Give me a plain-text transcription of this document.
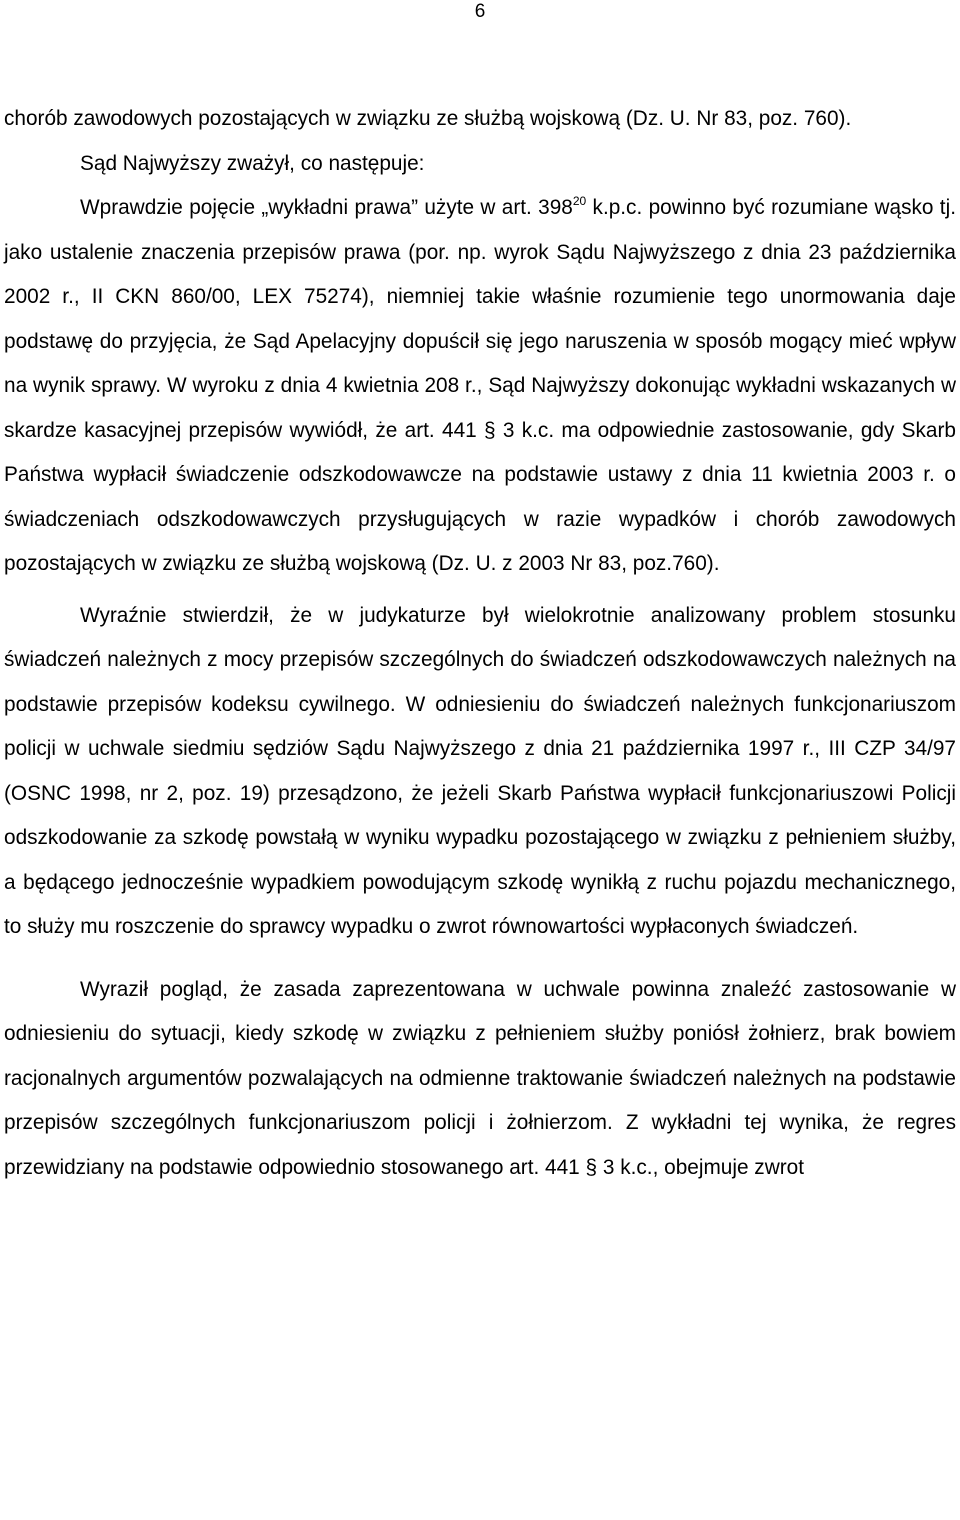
6

chorób zawodowych pozostających w związku ze służbą wojskową (Dz. U. Nr 83, poz. 760).

Sąd Najwyższy zważył, co następuje:

Wprawdzie pojęcie „wykładni prawa” użyte w art. $398^{20}$ k.p.c. powinno być rozumiane wąsko tj. jako ustalenie znaczenia przepisów prawa (por. np. wyrok Sądu Najwyższego z dnia 23 października 2002 r., II CKN 860/00, LEX 75274), niemniej takie właśnie rozumienie tego unormowania daje podstawę do przyjęcia, że Sąd Apelacyjny dopuścił się jego naruszenia w sposób mogący mieć wpływ na wynik sprawy. W wyroku z dnia 4 kwietnia 208 r., Sąd Najwyższy dokonując wykładni wskazanych w skardze kasacyjnej przepisów wywiódł, że art. 441 § 3 k.c. ma odpowiednie zastosowanie, gdy Skarb Państwa wypłacił świadczenie odszkodowawcze na podstawie ustawy z dnia 11 kwietnia 2003 r. o świadczeniach odszkodowawczych przysługujących w razie wypadków i chorób zawodowych pozostających w związku ze służbą wojskową (Dz. U. z 2003 Nr 83, poz.760).

Wyraźnie stwierdził, że w judykaturze był wielokrotnie analizowany problem stosunku świadczeń należnych z mocy przepisów szczególnych do świadczeń odszkodowawczych należnych na podstawie przepisów kodeksu cywilnego. W odniesieniu do świadczeń należnych funkcjonariuszom policji w uchwale siedmiu sędziów Sądu Najwyższego z dnia 21 października 1997 r., III CZP 34/97 (OSNC 1998, nr 2, poz. 19) przesądzono, że jeżeli Skarb Państwa wypłacił funkcjonariuszowi Policji odszkodowanie za szkodę powstałą w wyniku wypadku pozostającego w związku z pełnieniem służby, a będącego jednocześnie wypadkiem powodującym szkodę wynikłą z ruchu pojazdu mechanicznego, to służy mu roszczenie do sprawcy wypadku o zwrot równowartości wypłaconych świadczeń.

Wyraził pogląd, że zasada zaprezentowana w uchwale powinna znaleźć zastosowanie w odniesieniu do sytuacji, kiedy szkodę w związku z pełnieniem służby poniósł żołnierz, brak bowiem racjonalnych argumentów pozwalających na odmienne traktowanie świadczeń należnych na podstawie przepisów szczególnych funkcjonariuszom policji i żołnierzom. Z wykładni tej wynika, że regres przewidziany na podstawie odpowiednio stosowanego art. 441 § 3 k.c., obejmuje zwrot
